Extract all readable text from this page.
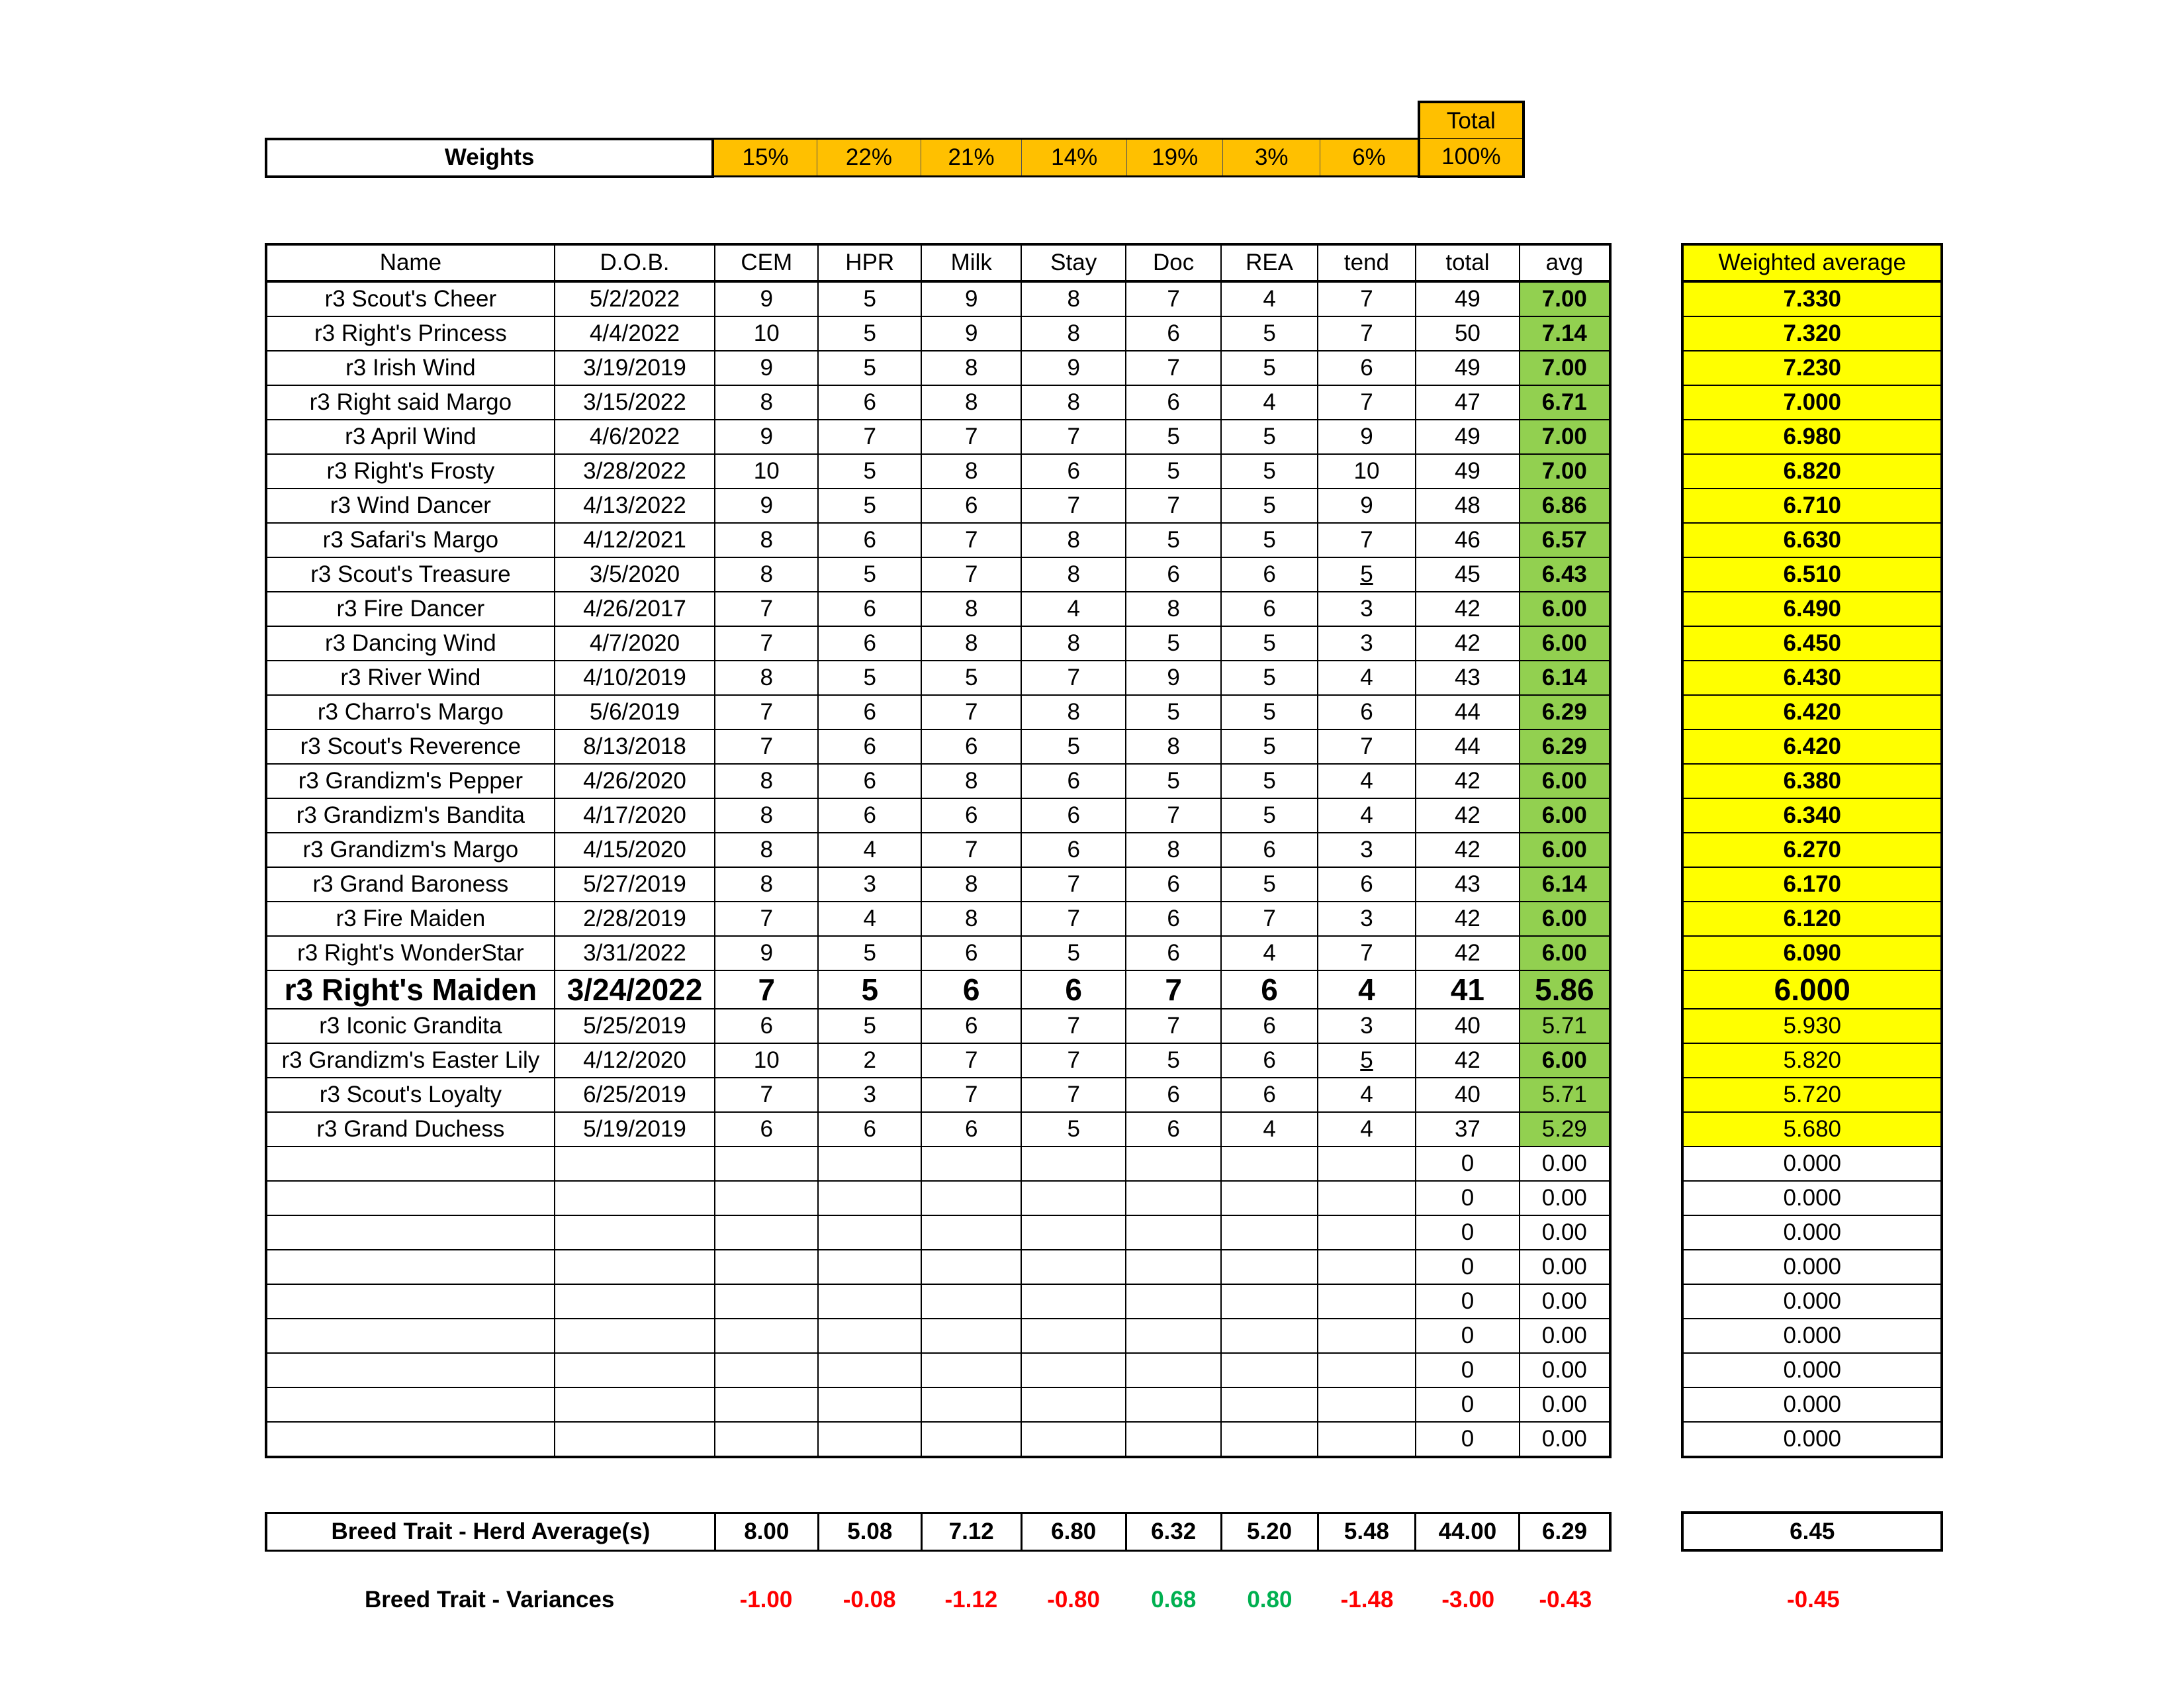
								Total
Weights	15%	22%	21%	14%	19%	3%	6%	100%
Name	D.O.B.	CEM	HPR	Milk	Stay	Doc	REA	tend	total	avg		Weighted average
r3 Scout's Cheer	5/2/2022	9	5	9	8	7	4	7	49	7.00		7.330
r3 Right's Princess	4/4/2022	10	5	9	8	6	5	7	50	7.14		7.320
r3 Irish Wind	3/19/2019	9	5	8	9	7	5	6	49	7.00		7.230
r3 Right said Margo	3/15/2022	8	6	8	8	6	4	7	47	6.71		7.000
r3 April Wind	4/6/2022	9	7	7	7	5	5	9	49	7.00		6.980
r3 Right's Frosty	3/28/2022	10	5	8	6	5	5	10	49	7.00		6.820
r3 Wind Dancer	4/13/2022	9	5	6	7	7	5	9	48	6.86		6.710
r3 Safari's Margo	4/12/2021	8	6	7	8	5	5	7	46	6.57		6.630
r3 Scout's Treasure	3/5/2020	8	5	7	8	6	6	5	45	6.43		6.510
r3 Fire Dancer	4/26/2017	7	6	8	4	8	6	3	42	6.00		6.490
r3 Dancing Wind	4/7/2020	7	6	8	8	5	5	3	42	6.00		6.450
r3 River Wind	4/10/2019	8	5	5	7	9	5	4	43	6.14		6.430
r3 Charro's Margo	5/6/2019	7	6	7	8	5	5	6	44	6.29		6.420
r3 Scout's Reverence	8/13/2018	7	6	6	5	8	5	7	44	6.29		6.420
r3 Grandizm's Pepper	4/26/2020	8	6	8	6	5	5	4	42	6.00		6.380
r3 Grandizm's Bandita	4/17/2020	8	6	6	6	7	5	4	42	6.00		6.340
r3 Grandizm's Margo	4/15/2020	8	4	7	6	8	6	3	42	6.00		6.270
r3 Grand Baroness	5/27/2019	8	3	8	7	6	5	6	43	6.14		6.170
r3 Fire Maiden	2/28/2019	7	4	8	7	6	7	3	42	6.00		6.120
r3 Right's WonderStar	3/31/2022	9	5	6	5	6	4	7	42	6.00		6.090
r3 Right's Maiden	3/24/2022	7	5	6	6	7	6	4	41	5.86		6.000
r3 Iconic Grandita	5/25/2019	6	5	6	7	7	6	3	40	5.71		5.930
r3 Grandizm's Easter Lily	4/12/2020	10	2	7	7	5	6	5	42	6.00		5.820
r3 Scout's Loyalty	6/25/2019	7	3	7	7	6	6	4	40	5.71		5.720
r3 Grand Duchess	5/19/2019	6	6	6	5	6	4	4	37	5.29		5.680
									0	0.00		0.000
									0	0.00		0.000
									0	0.00		0.000
									0	0.00		0.000
									0	0.00		0.000
									0	0.00		0.000
									0	0.00		0.000
									0	0.00		0.000
									0	0.00		0.000
Breed Trait - Herd Average(s)	8.00	5.08	7.12	6.80	6.32	5.20	5.48	44.00	6.29		6.45
Breed Trait - Variances	-1.00	-0.08	-1.12	-0.80	0.68	0.80	-1.48	-3.00	-0.43		-0.45
